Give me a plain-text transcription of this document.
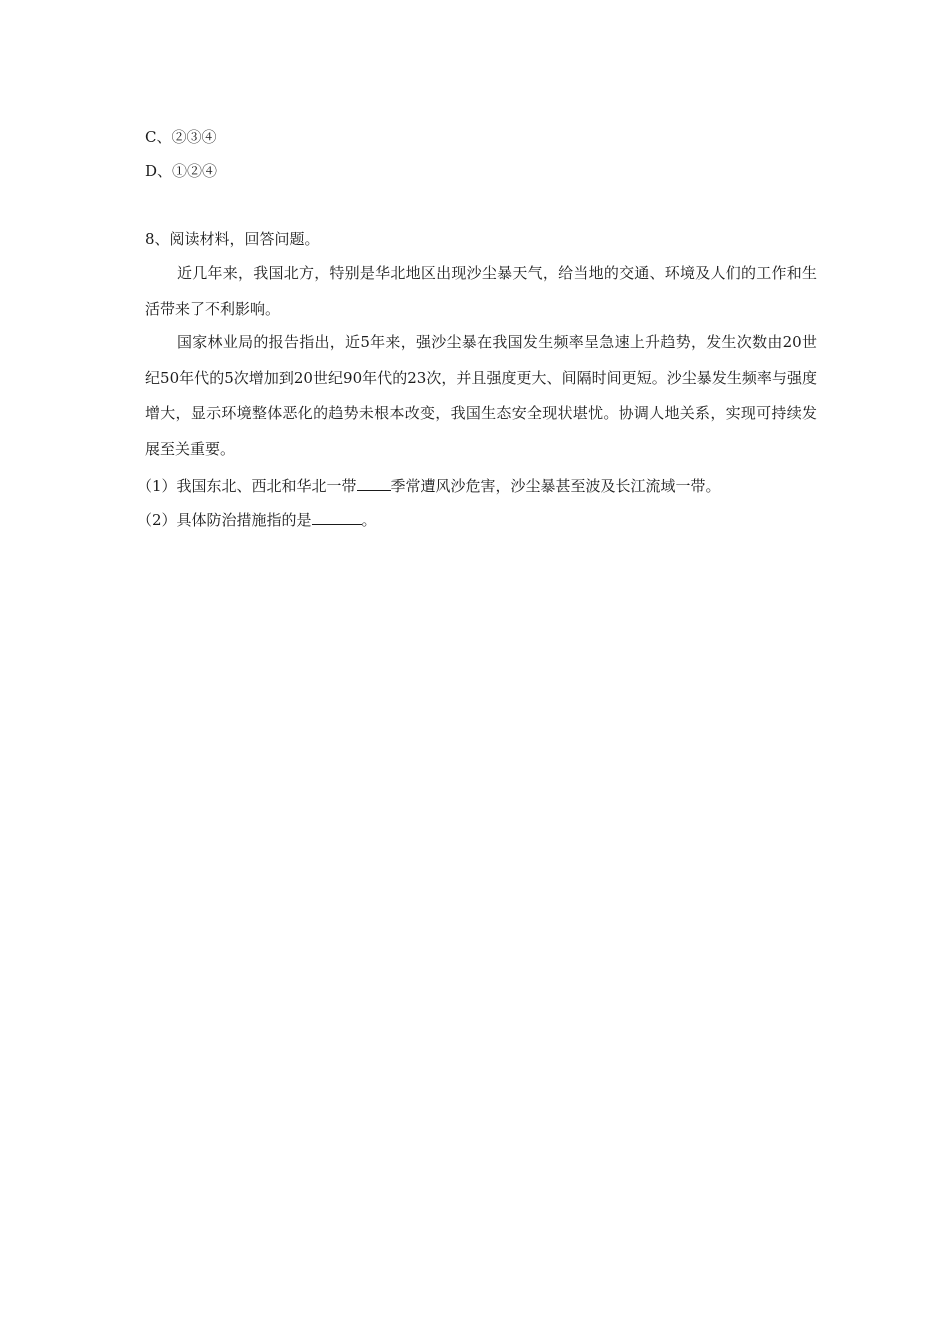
C、②③④
D、①②④
8、阅读材料，回答问题。
近几年来，我国北方，特别是华北地区出现沙尘暴天气，给当地的交通、环境及人们的工作和生活带来了不利影响。
国家林业局的报告指出，近5年来，强沙尘暴在我国发生频率呈急速上升趋势，发生次数由20世纪50年代的5次增加到20世纪90年代的23次，并且强度更大、间隔时间更短。沙尘暴发生频率与强度增大，显示环境整体恶化的趋势未根本改变，我国生态安全现状堪忧。协调人地关系，实现可持续发展至关重要。
（1）我国东北、西北和华北一带 季常遭风沙危害，沙尘暴甚至波及长江流域一带。
（2）具体防治措施指的是	。
